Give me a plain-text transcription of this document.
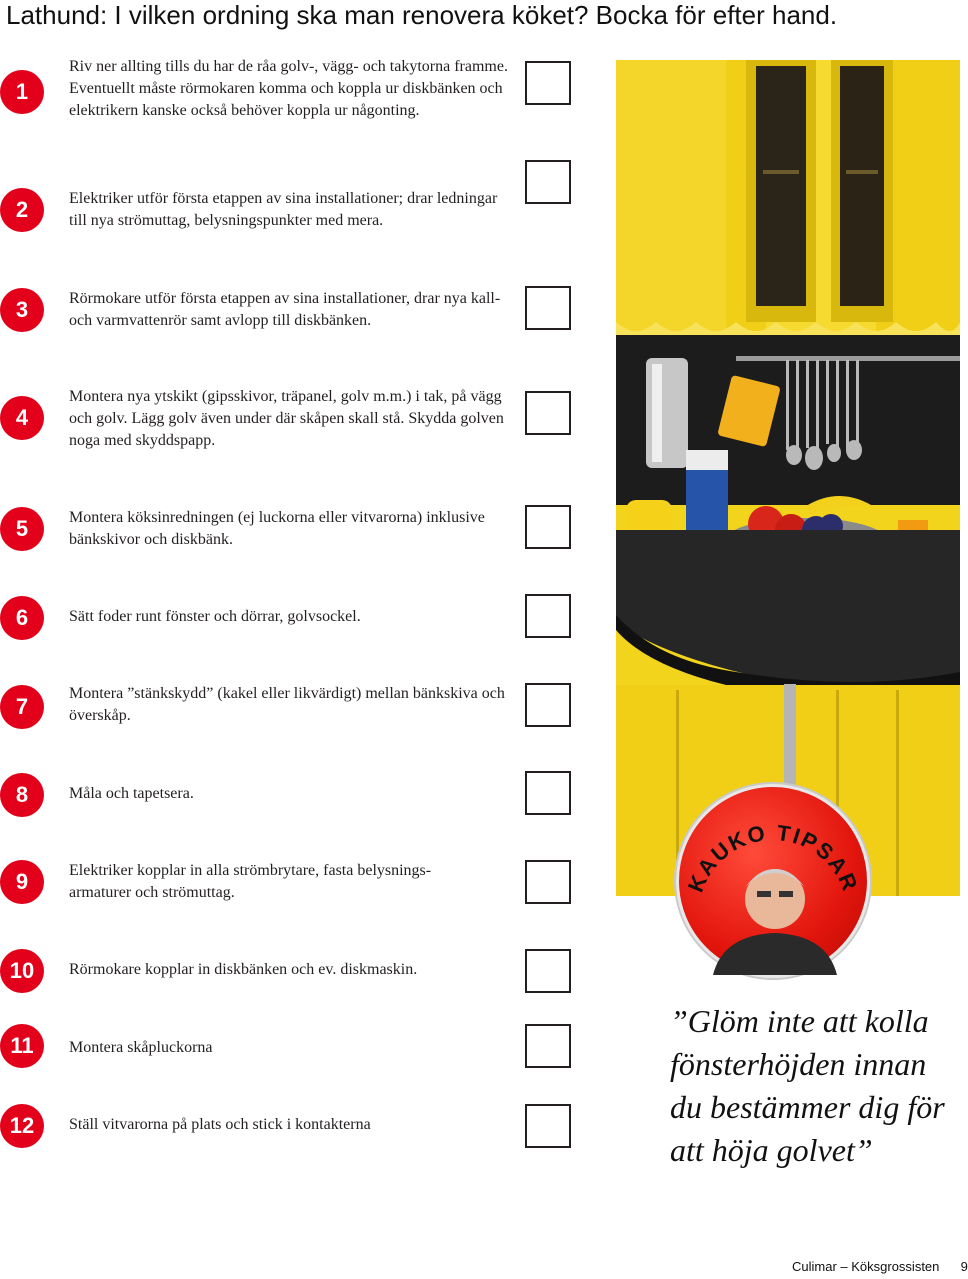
Lathund: I vilken ordning ska man renovera köket? Bocka för efter hand.
1
Riv ner allting tills du har de råa golv-, vägg- och takytorna framme. Eventuellt måste rörmokaren komma och koppla ur diskbänken och elektrikern kanske också behöver koppla ur någonting.
2	Elektriker utför första etappen av sina installationer; drar ledningar till nya strömuttag, belysningspunkter med mera.
3	Rörmokare utför första etappen av sina installationer, drar nya kall- och varmvattenrör samt avlopp till diskbänken.
4
Montera nya ytskikt (gipsskivor, träpanel, golv m.m.) i tak, på vägg och golv. Lägg golv även under där skåpen skall stå. Skydda golven noga med skyddspapp.
5	Montera köksinredningen (ej luckorna eller vitvarorna) inklusive bänkskivor och diskbänk.
6	Sätt foder runt fönster och dörrar, golvsockel.
7
Montera ”stänkskydd” (kakel eller likvärdigt) mellan bänkskiva och överskåp.
8	Måla och tapetsera.
9	Elektriker kopplar in alla strömbrytare, fasta belysnings-armaturer och strömuttag.
10	Rörmokare kopplar in diskbänken och ev. diskmaskin.
11	Montera skåpluckorna
12	Ställ vitvarorna på plats och stick i kontakterna
KAUKO TIPSAR
”Glöm inte att kolla fönsterhöjden innan du bestämmer dig för att höja golvet”
Culimar – Köksgrossisten 9
